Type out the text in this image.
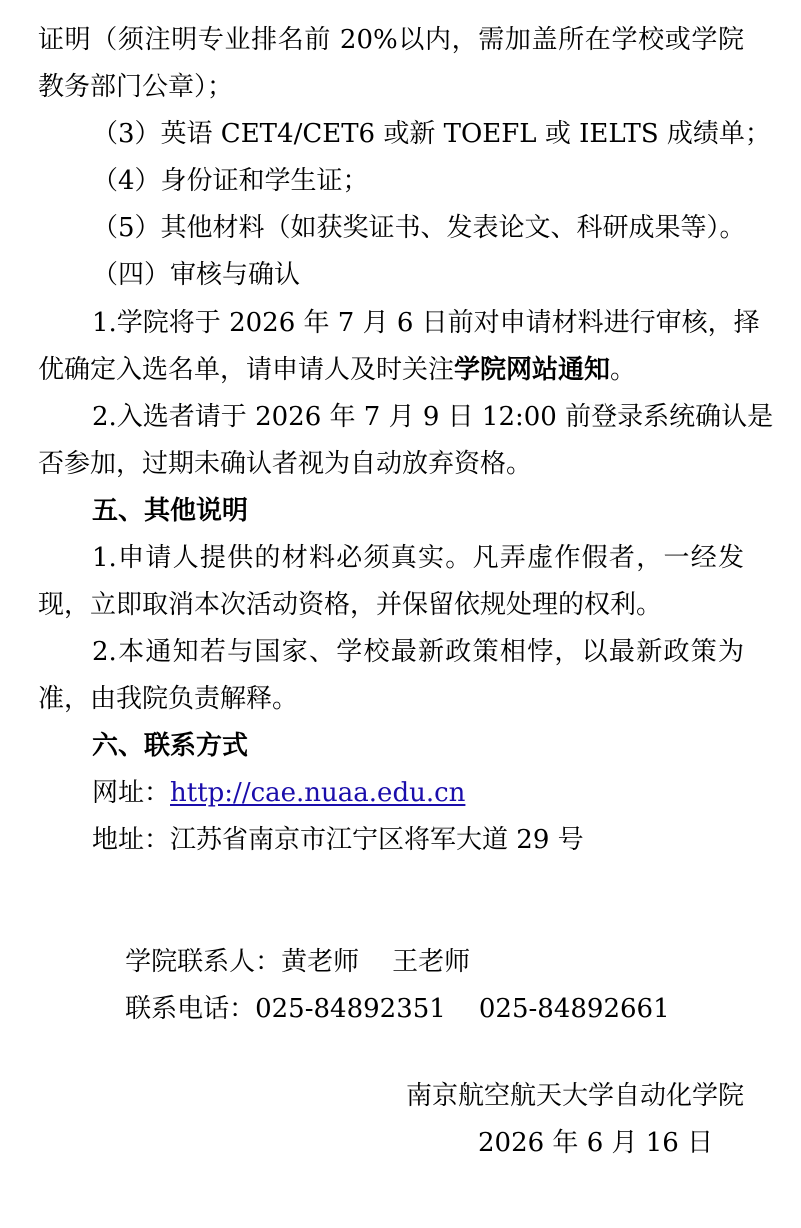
证明（须注明专业排名前 20%以内，需加盖所在学校或学院
教务部门公章）；
（3）英语 CET4/CET6 或新 TOEFL 或 IELTS 成绩单；
（4）身份证和学生证；
（5）其他材料（如获奖证书、发表论文、科研成果等）。
（四）审核与确认
1.学院将于 2026 年 7 月 6 日前对申请材料进行审核，择
优确定入选名单，请申请人及时关注学院网站通知。
2.入选者请于 2026 年 7 月 9 日 12:00 前登录系统确认是
否参加，过期未确认者视为自动放弃资格。
五、其他说明
1.申请人提供的材料必须真实。凡弄虚作假者，一经发
现，立即取消本次活动资格，并保留依规处理的权利。
2.本通知若与国家、学校最新政策相悖，以最新政策为
准，由我院负责解释。
六、联系方式
网址：http://cae.nuaa.edu.cn
地址：江苏省南京市江宁区将军大道 29 号

学院联系人：黄老师    王老师

联系电话：025-84892351    025-84892661

南京航空航天大学自动化学院
2026 年 6 月 16 日
